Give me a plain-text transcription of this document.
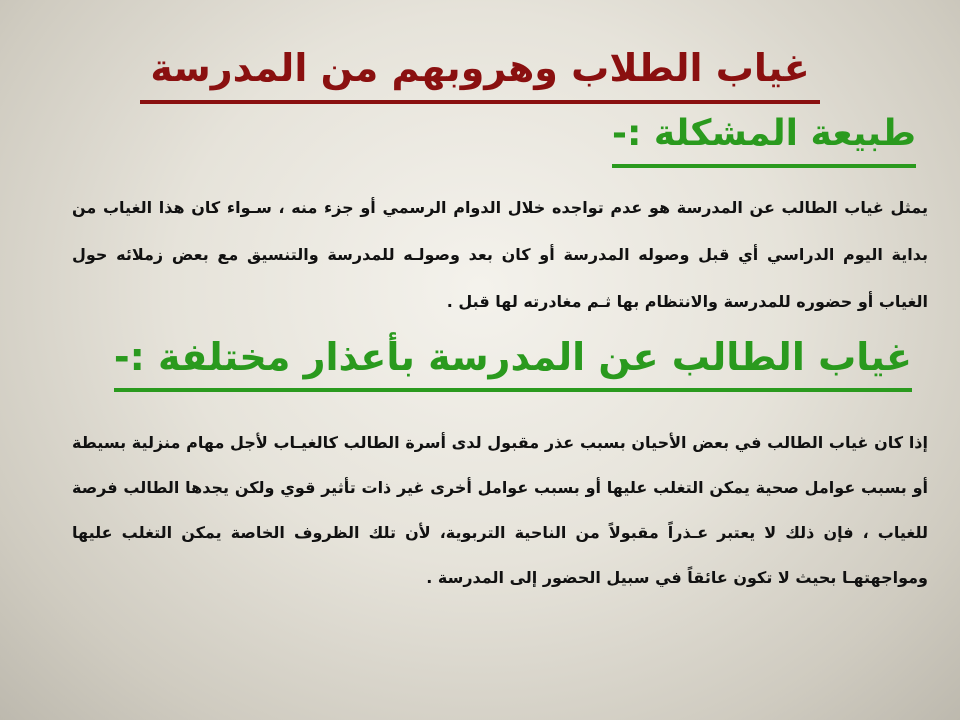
غياب الطلاب وهروبهم من المدرسة
طبيعة المشكلة :-
يمثل غياب الطالب عن المدرسة هو عدم تواجده خلال الدوام الرسمي أو جزء منه ، سـواء كان هذا الغياب من بداية اليوم الدراسي أي قبل وصوله المدرسة أو كان بعد وصولـه للمدرسة والتنسيق مع بعض زملائه حول الغياب أو حضوره للمدرسة والانتظام بها ثـم مغادرته لها قبل .
غياب الطالب عن المدرسة بأعذار مختلفة :-
إذا كان غياب الطالب في بعض الأحيان بسبب عذر مقبول لدى أسرة الطالب كالغيـاب لأجل مهام منزلية بسيطة أو بسبب عوامل صحية يمكن التغلب عليها أو بسبب عوامل أخرى غير ذات تأثير قوي ولكن يجدها الطالب فرصة للغياب ، فإن ذلك لا يعتبر عـذراً مقبولاً من الناحية التربوية، لأن تلك الظروف الخاصة يمكن التغلب عليها ومواجهتهـا بحيث لا تكون عائقاً في سبيل الحضور إلى المدرسة .
